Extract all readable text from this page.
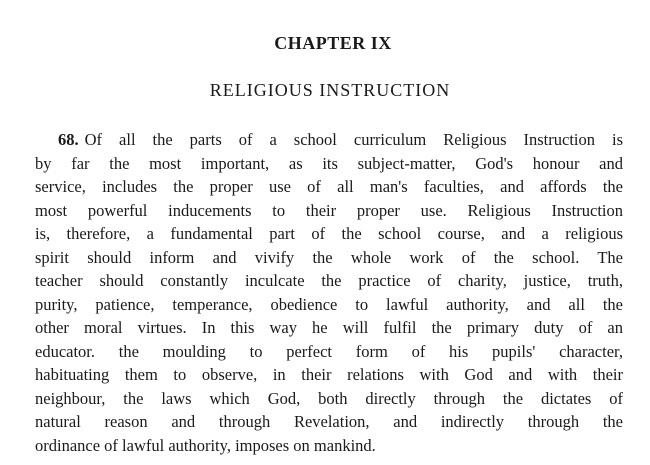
CHAPTER IX
RELIGIOUS INSTRUCTION
68. Of all the parts of a school curriculum Religious Instruction is
by far the most important, as its subject-matter, God's honour and
service, includes the proper use of all man's faculties, and affords the
most powerful inducements to their proper use. Religious Instruction
is, therefore, a fundamental part of the school course, and a religious
spirit should inform and vivify the whole work of the school. The
teacher should constantly inculcate the practice of charity, justice, truth,
purity, patience, temperance, obedience to lawful authority, and all the
other moral virtues. In this way he will fulfil the primary duty of an
educator. the moulding to perfect form of his pupils' character,
habituating them to observe, in their relations with God and with their
neighbour, the laws which God, both directly through the dictates of
natural reason and through Revelation, and indirectly through the
ordinance of lawful authority, imposes on mankind.
